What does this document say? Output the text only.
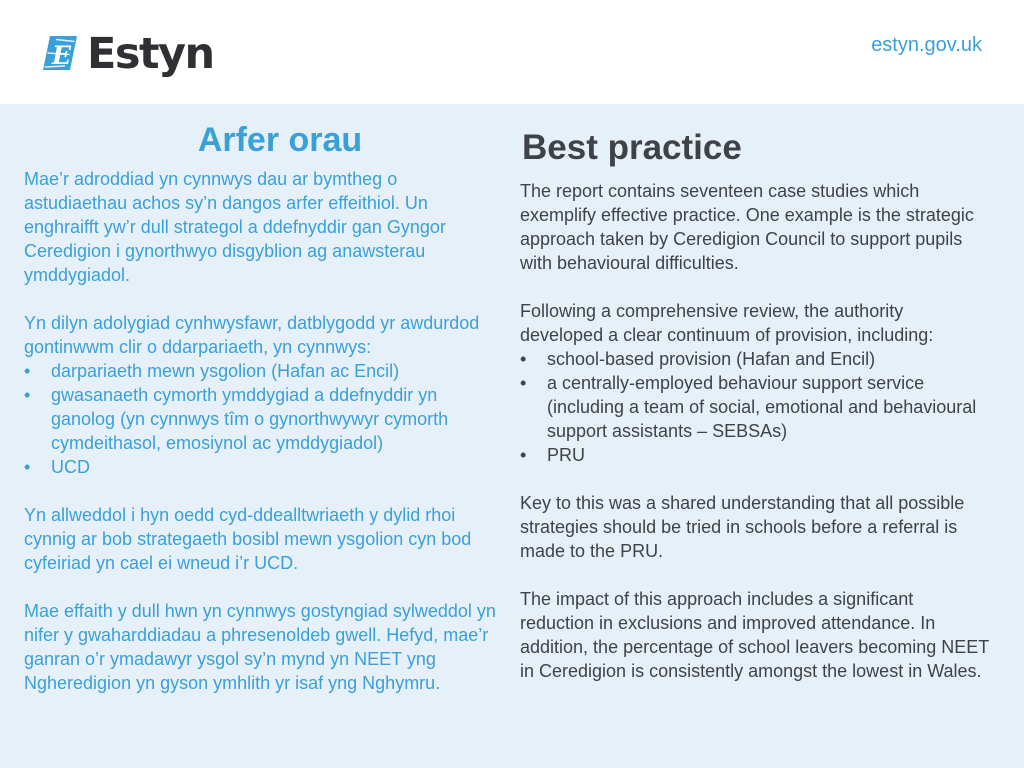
E Estyn	estyn.gov.uk
Arfer orau

Mae’r adroddiad yn cynnwys dau ar bymtheg o astudiaethau achos sy’n dangos arfer effeithiol. Un enghraifft yw’r dull strategol a ddefnyddir gan Gyngor Ceredigion i gynorthwyo disgyblion ag anawsterau ymddygiadol.

Yn dilyn adolygiad cynhwysfawr, datblygodd yr awdurdod gontinwwm clir o ddarpariaeth, yn cynnwys:

• darpariaeth mewn ysgolion (Hafan ac Encil)
• gwasanaeth cymorth ymddygiad a ddefnyddir yn ganolog (yn cynnwys tîm o gynorthwywyr cymorth cymdeithasol, emosiynol ac ymddygiadol)
• UCD

Yn allweddol i hyn oedd cyd-ddealltwriaeth y dylid rhoi cynnig ar bob strategaeth bosibl mewn ysgolion cyn bod cyfeiriad yn cael ei wneud i’r UCD.

Mae effaith y dull hwn yn cynnwys gostyngiad sylweddol yn nifer y gwaharddiadau a phresenoldeb gwell. Hefyd, mae’r ganran o’r ymadawyr ysgol sy’n mynd yn NEET yng Ngheredigion yn gyson ymhlith yr isaf yng Nghymru.

Best practice

The report contains seventeen case studies which exemplify effective practice. One example is the strategic approach taken by Ceredigion Council to support pupils with behavioural difficulties.

Following a comprehensive review, the authority developed a clear continuum of provision, including:

• school-based provision (Hafan and Encil)
• a centrally-employed behaviour support service (including a team of social, emotional and behavioural support assistants – SEBSAs)
• PRU

Key to this was a shared understanding that all possible strategies should be tried in schools before a referral is made to the PRU.

The impact of this approach includes a significant reduction in exclusions and improved attendance. In addition, the percentage of school leavers becoming NEET in Ceredigion is consistently amongst the lowest in Wales.
